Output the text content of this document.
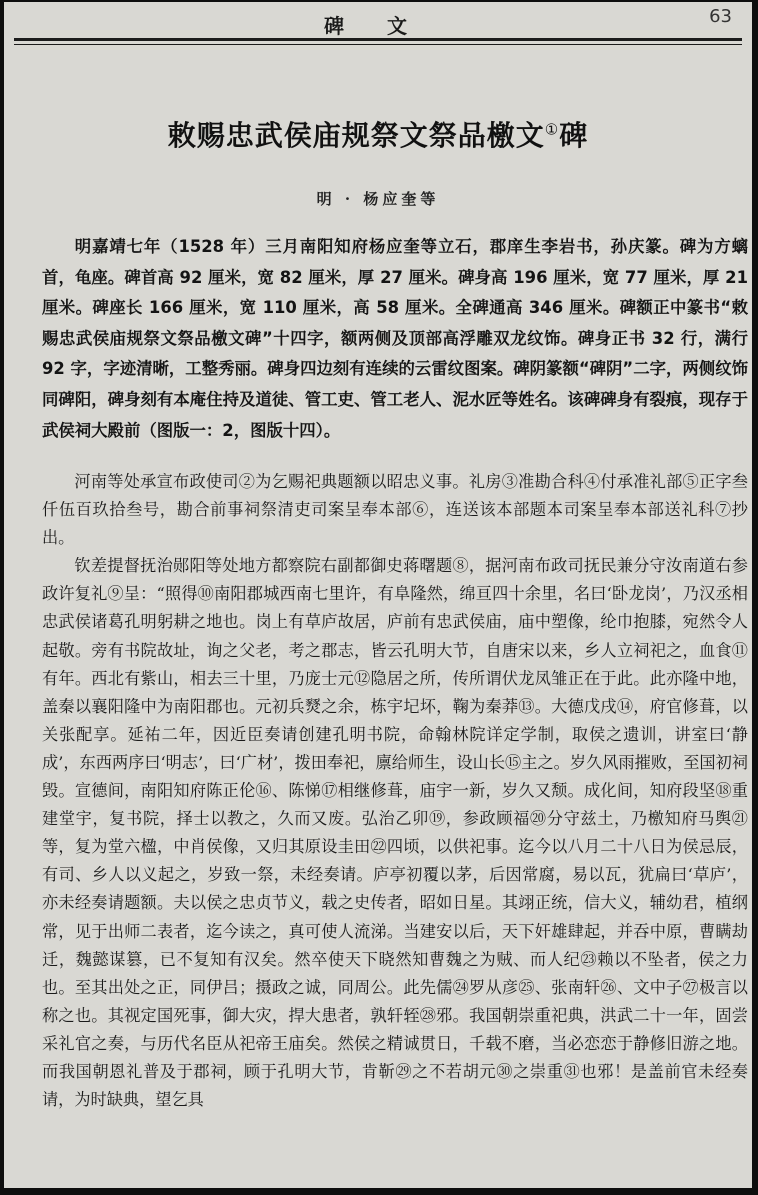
碑 文	63
敕赐忠武侯庙规祭文祭品檄文①碑
明 · 杨应奎等

明嘉靖七年（1528 年）三月南阳知府杨应奎等立石，郡庠生李岩书，孙庆篆。碑为方螭首，龟座。碑首高 92 厘米，宽 82 厘米，厚 27 厘米。碑身高 196 厘米，宽 77 厘米，厚 21 厘米。碑座长 166 厘米，宽 110 厘米，高 58 厘米。全碑通高 346 厘米。碑额正中篆书“敕赐忠武侯庙规祭文祭品檄文碑”十四字，额两侧及顶部高浮雕双龙纹饰。碑身正书 32 行，满行 92 字，字迹清晰，工整秀丽。碑身四边刻有连续的云雷纹图案。碑阴篆额“碑阴”二字，两侧纹饰同碑阳，碑身刻有本庵住持及道徒、管工吏、管工老人、泥水匠等姓名。该碑碑身有裂痕，现存于武侯祠大殿前（图版一：2，图版十四）。

河南等处承宣布政使司②为乞赐祀典题额以昭忠义事。礼房③准勘合科④付承准礼部⑤正字叁仟伍百玖拾叁号，勘合前事祠祭清吏司案呈奉本部⑥，连送该本部题本司案呈奉本部送礼科⑦抄出。

钦差提督抚治郧阳等处地方都察院右副都御史蒋曙题⑧，据河南布政司抚民兼分守汝南道右参政许复礼⑨呈：“照得⑩南阳郡城西南七里许，有阜隆然，绵亘四十余里，名曰‘卧龙岗’，乃汉丞相忠武侯诸葛孔明躬耕之地也。岗上有草庐故居，庐前有忠武侯庙，庙中塑像，纶巾抱膝，宛然令人起敬。旁有书院故址，询之父老，考之郡志，皆云孔明大节，自唐宋以来，乡人立祠祀之，血食⑪有年。西北有紫山，相去三十里，乃庞士元⑫隐居之所，传所谓伏龙凤雏正在于此。此亦隆中地，盖秦以襄阳隆中为南阳郡也。元初兵燹之余，栋宇圮坏，鞠为秦莽⑬。大德戊戌⑭，府官修葺，以关张配享。延祐二年，因近臣奏请创建孔明书院，命翰林院详定学制，取侯之遗训，讲室曰‘静成’，东西两序曰‘明志’，曰‘广材’，拨田奉祀，廪给师生，设山长⑮主之。岁久风雨摧败，至国初祠毁。宣德间，南阳知府陈正伦⑯、陈悌⑰相继修葺，庙宇一新，岁久又颓。成化间，知府段坚⑱重建堂宇，复书院，择士以教之，久而又废。弘治乙卯⑲，参政顾福⑳分守兹土，乃檄知府马舆㉑等，复为堂六楹，中肖侯像，又归其原设圭田㉒四顷，以供祀事。迄今以八月二十八日为侯忌辰，有司、乡人以义起之，岁致一祭，未经奏请。庐亭初覆以茅，后因常腐，易以瓦，犹扁曰‘草庐’，亦未经奏请题额。夫以侯之忠贞节义，载之史传者，昭如日星。其翊正统，信大义，辅幼君，植纲常，见于出师二表者，迄今读之，真可使人流涕。当建安以后，天下奸雄肆起，并吞中原，曹瞒劫迁，魏懿谋篡，已不复知有汉矣。然卒使天下晓然知曹魏之为贼、而人纪㉓赖以不坠者，侯之力也。至其出处之正，同伊吕；摄政之诚，同周公。此先儒㉔罗从彦㉕、张南轩㉖、文中子㉗极言以称之也。其视定国死事，御大灾，捍大患者，孰轩轾㉘邪。我国朝崇重祀典，洪武二十一年，固尝采礼官之奏，与历代名臣从祀帝王庙矣。然侯之精诚贯日，千载不磨，当必恋恋于静修旧游之地。而我国朝恩礼普及于郡祠，顾于孔明大节，肯靳㉙之不若胡元㉚之崇重㉛也邪！是盖前官未经奏请，为时缺典，望乞具
